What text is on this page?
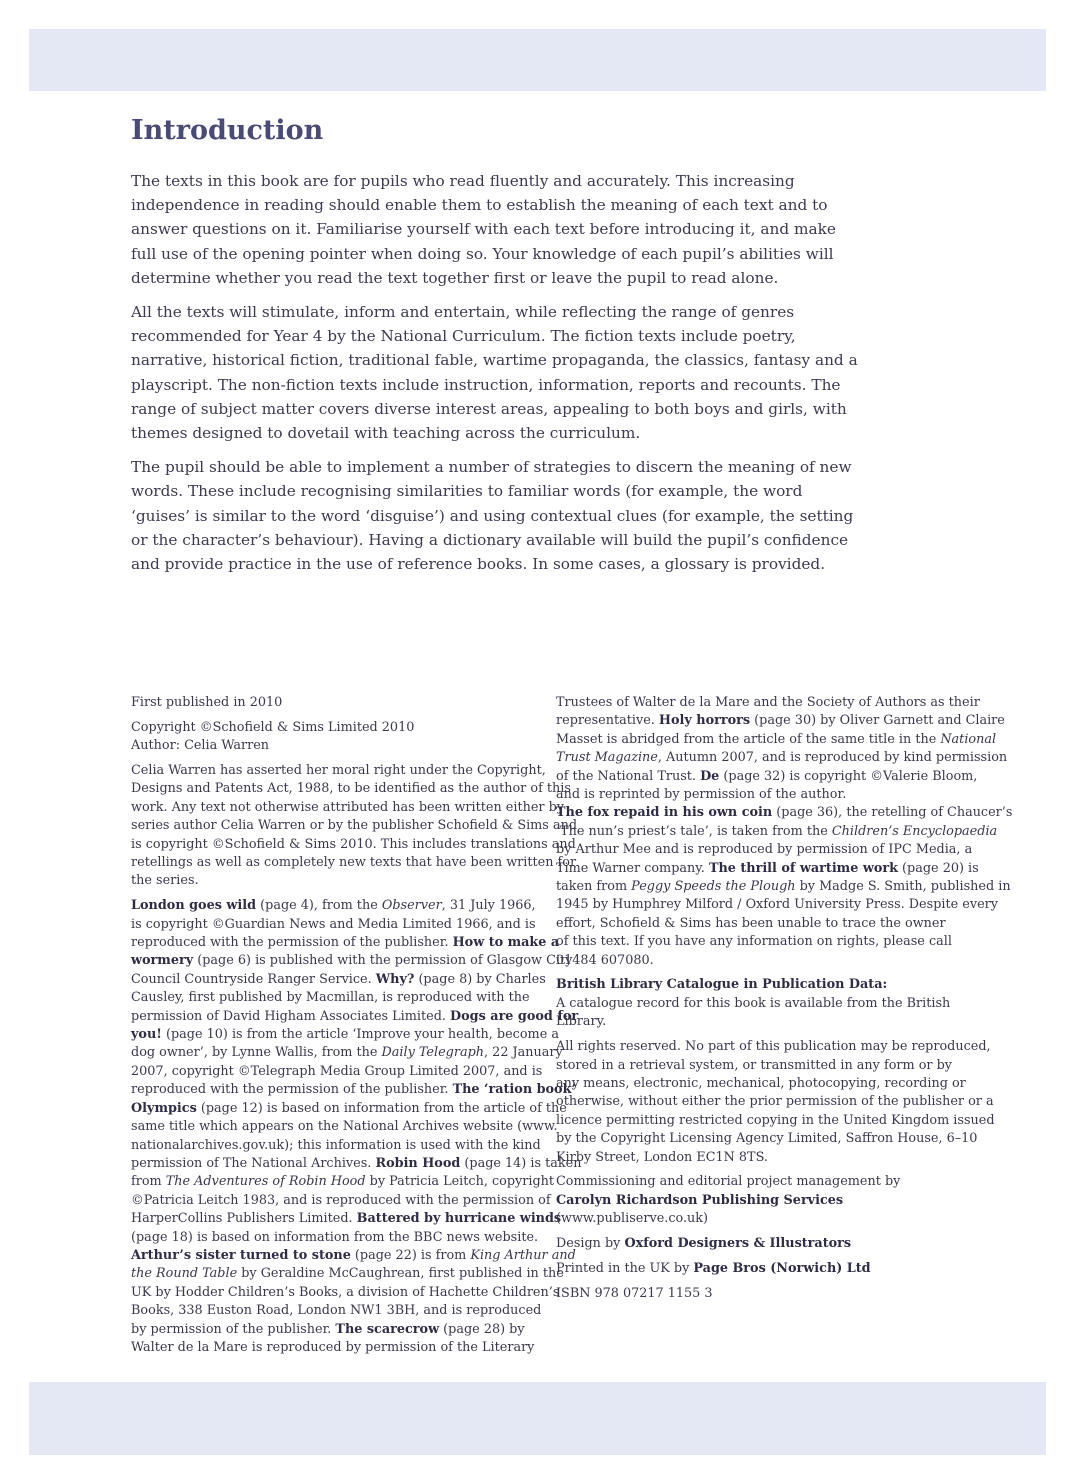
Introduction

The texts in this book are for pupils who read fluently and accurately. This increasing independence in reading should enable them to establish the meaning of each text and to answer questions on it. Familiarise yourself with each text before introducing it, and make full use of the opening pointer when doing so. Your knowledge of each pupil’s abilities will determine whether you read the text together first or leave the pupil to read alone.

All the texts will stimulate, inform and entertain, while reflecting the range of genres recommended for Year 4 by the National Curriculum. The fiction texts include poetry, narrative, historical fiction, traditional fable, wartime propaganda, the classics, fantasy and a playscript. The non-fiction texts include instruction, information, reports and recounts. The range of subject matter covers diverse interest areas, appealing to both boys and girls, with themes designed to dovetail with teaching across the curriculum.

The pupil should be able to implement a number of strategies to discern the meaning of new words. These include recognising similarities to familiar words (for example, the word ‘guises’ is similar to the word ‘disguise’) and using contextual clues (for example, the setting or the character’s behaviour). Having a dictionary available will build the pupil’s confidence and provide practice in the use of reference books. In some cases, a glossary is provided.

First published in 2010

Copyright ©Schofield & Sims Limited 2010
Author: Celia Warren

Celia Warren has asserted her moral right under the Copyright,
Designs and Patents Act, 1988, to be identified as the author of this
work. Any text not otherwise attributed has been written either by
series author Celia Warren or by the publisher Schofield & Sims and
is copyright ©Schofield & Sims 2010. This includes translations and
retellings as well as completely new texts that have been written for
the series.

London goes wild (page 4), from the Observer, 31 July 1966,
is copyright ©Guardian News and Media Limited 1966, and is
reproduced with the permission of the publisher. How to make a
wormery (page 6) is published with the permission of Glasgow City
Council Countryside Ranger Service. Why? (page 8) by Charles
Causley, first published by Macmillan, is reproduced with the
permission of David Higham Associates Limited. Dogs are good for
you! (page 10) is from the article ‘Improve your health, become a
dog owner’, by Lynne Wallis, from the Daily Telegraph, 22 January
2007, copyright ©Telegraph Media Group Limited 2007, and is
reproduced with the permission of the publisher. The ‘ration book’
Olympics (page 12) is based on information from the article of the
same title which appears on the National Archives website (www.
nationalarchives.gov.uk); this information is used with the kind
permission of The National Archives. Robin Hood (page 14) is taken
from The Adventures of Robin Hood by Patricia Leitch, copyright
©Patricia Leitch 1983, and is reproduced with the permission of
HarperCollins Publishers Limited. Battered by hurricane winds
(page 18) is based on information from the BBC news website.
Arthur’s sister turned to stone (page 22) is from King Arthur and
the Round Table by Geraldine McCaughrean, first published in the
UK by Hodder Children’s Books, a division of Hachette Children’s
Books, 338 Euston Road, London NW1 3BH, and is reproduced
by permission of the publisher. The scarecrow (page 28) by
Walter de la Mare is reproduced by permission of the Literary

Trustees of Walter de la Mare and the Society of Authors as their
representative. Holy horrors (page 30) by Oliver Garnett and Claire
Masset is abridged from the article of the same title in the National
Trust Magazine, Autumn 2007, and is reproduced by kind permission
of the National Trust. De (page 32) is copyright ©Valerie Bloom,
and is reprinted by permission of the author.
The fox repaid in his own coin (page 36), the retelling of Chaucer’s
‘The nun’s priest’s tale’, is taken from the Children’s Encyclopaedia
by Arthur Mee and is reproduced by permission of IPC Media, a
Time Warner company. The thrill of wartime work (page 20) is
taken from Peggy Speeds the Plough by Madge S. Smith, published in
1945 by Humphrey Milford / Oxford University Press. Despite every
effort, Schofield & Sims has been unable to trace the owner
of this text. If you have any information on rights, please call
01484 607080.

British Library Catalogue in Publication Data:
A catalogue record for this book is available from the British
Library.

All rights reserved. No part of this publication may be reproduced,
stored in a retrieval system, or transmitted in any form or by
any means, electronic, mechanical, photocopying, recording or
otherwise, without either the prior permission of the publisher or a
licence permitting restricted copying in the United Kingdom issued
by the Copyright Licensing Agency Limited, Saffron House, 6–10
Kirby Street, London EC1N 8TS.

Commissioning and editorial project management by
Carolyn Richardson Publishing Services
(www.publiserve.co.uk)

Design by Oxford Designers & Illustrators

Printed in the UK by Page Bros (Norwich) Ltd

ISBN 978 07217 1155 3
